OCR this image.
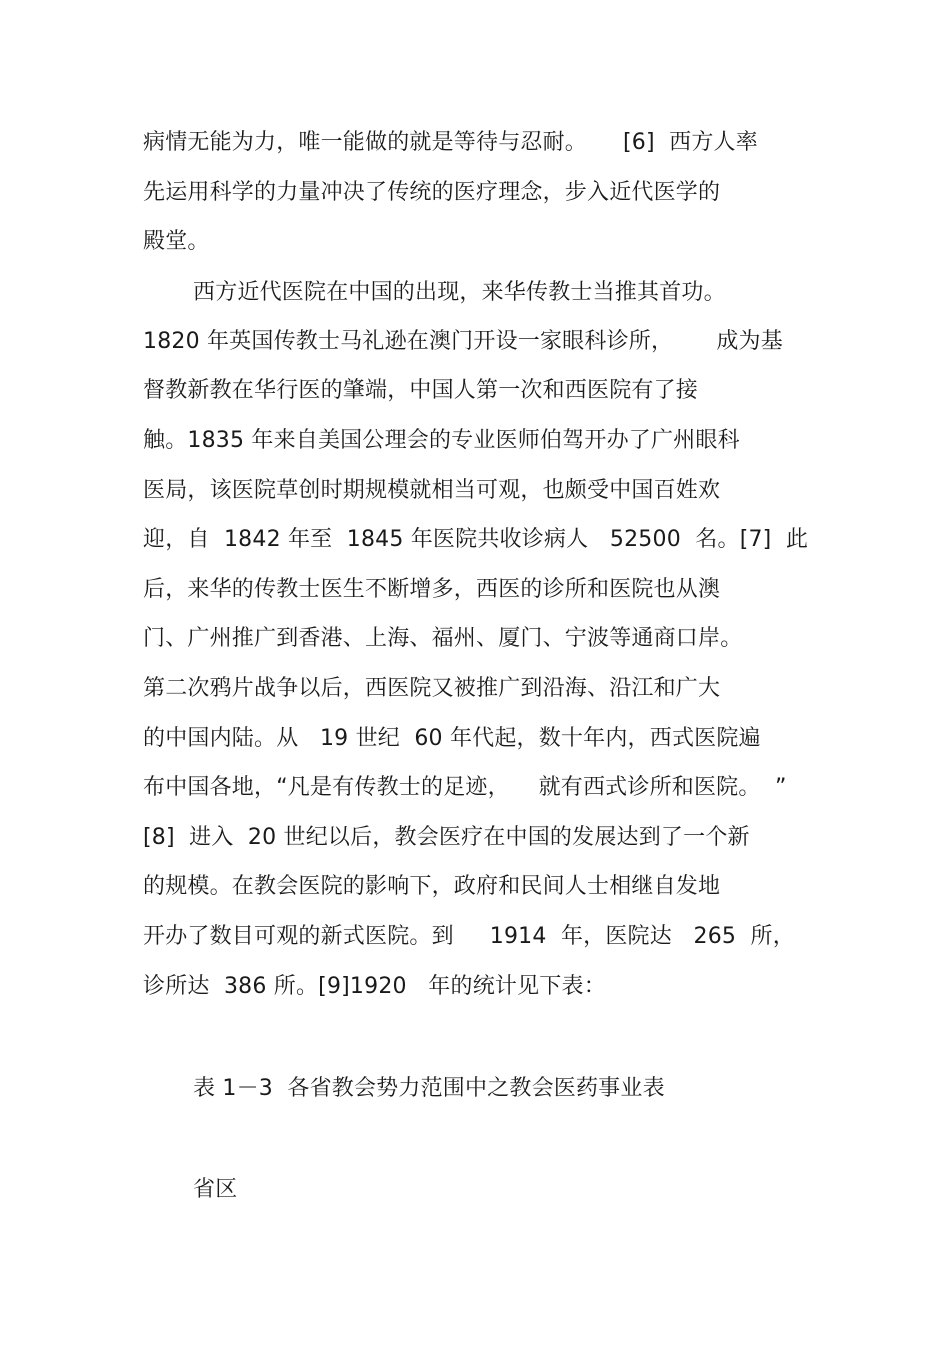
病情无能为力，唯一能做的就是等待与忍耐。     [6]  西方人率
先运用科学的力量冲决了传统的医疗理念，步入近代医学的
殿堂。
西方近代医院在中国的出现，来华传教士当推其首功。
1820 年英国传教士马礼逊在澳门开设一家眼科诊所，      成为基
督教新教在华行医的肇端，中国人第一次和西医院有了接
触。1835 年来自美国公理会的专业医师伯驾开办了广州眼科
医局，该医院草创时期规模就相当可观，也颇受中国百姓欢
迎，自  1842 年至  1845 年医院共收诊病人   52500  名。[7]  此
后，来华的传教士医生不断增多，西医的诊所和医院也从澳
门、广州推广到香港、上海、福州、厦门、宁波等通商口岸。
第二次鸦片战争以后，西医院又被推广到沿海、沿江和广大
的中国内陆。从   19 世纪  60 年代起，数十年内，西式医院遍
布中国各地，“凡是有传教士的足迹，    就有西式诊所和医院。  ”
[8]  进入  20 世纪以后，教会医疗在中国的发展达到了一个新
的规模。在教会医院的影响下，政府和民间人士相继自发地
开办了数目可观的新式医院。到     1914  年，医院达   265  所，
诊所达  386 所。[9]1920   年的统计见下表：
表 1－3  各省教会势力范围中之教会医药事业表
省区
